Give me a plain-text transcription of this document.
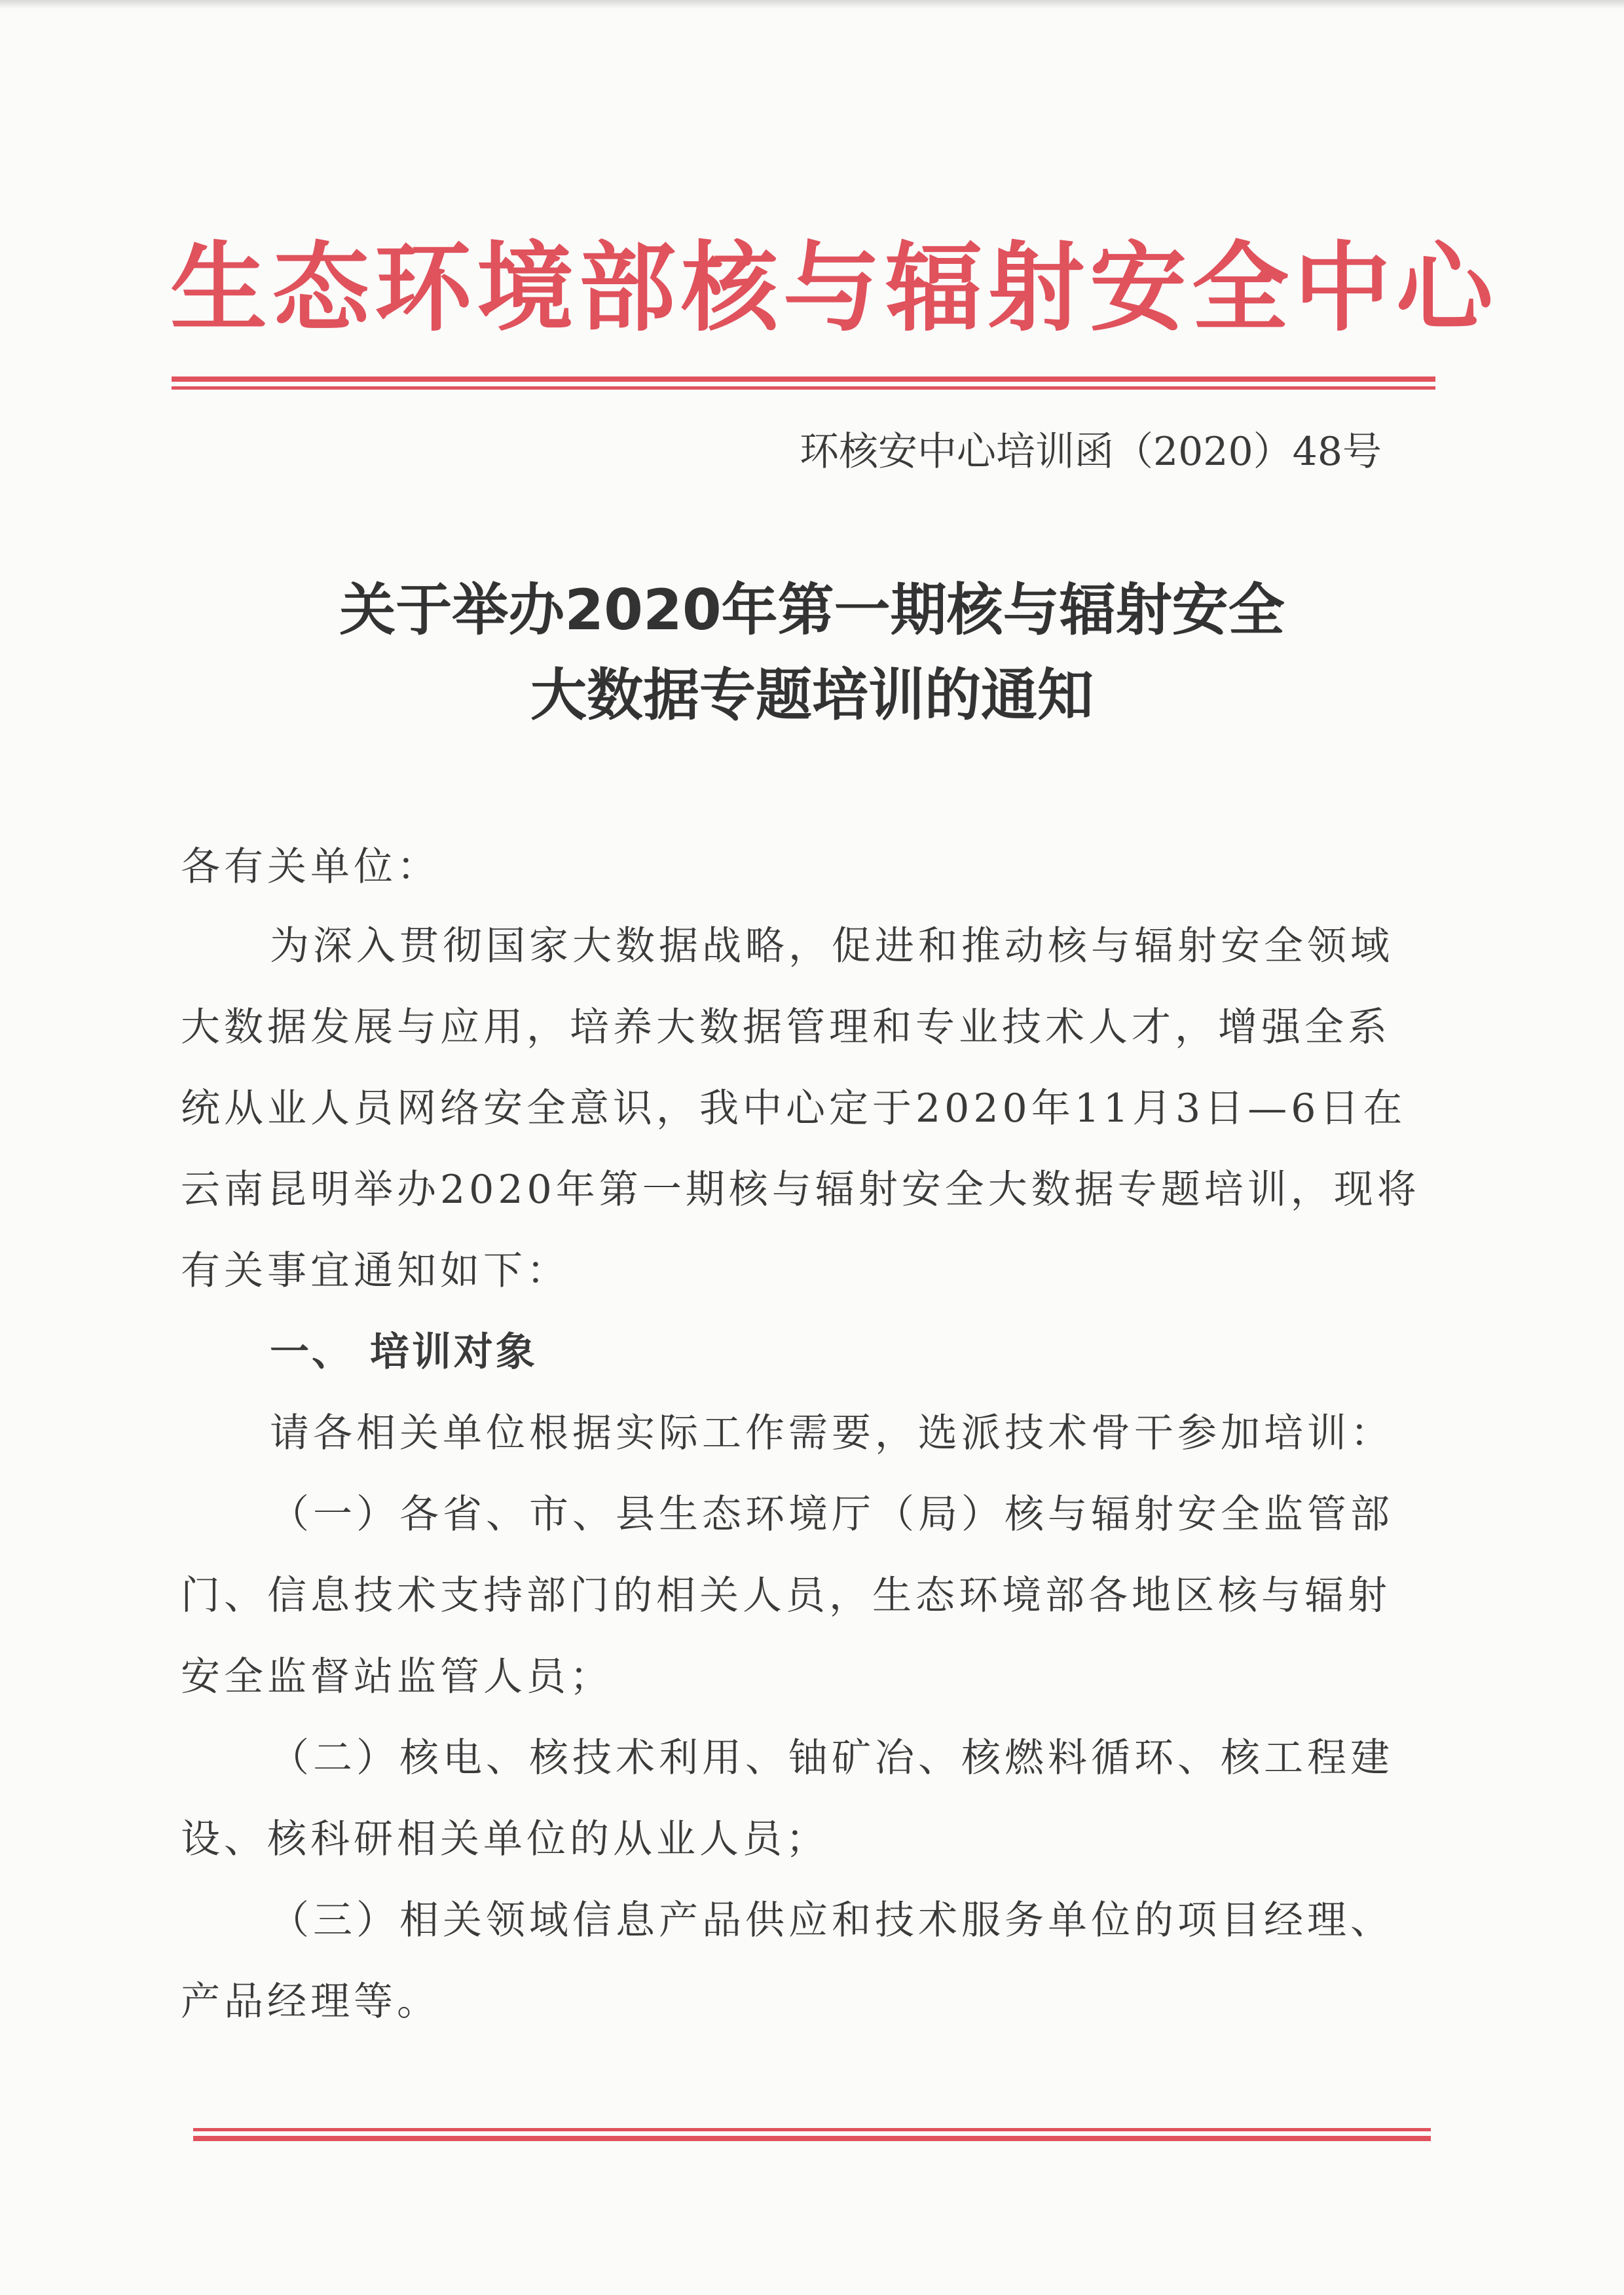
生态环境部核与辐射安全中心
环核安中心培训函（2020）48号
关于举办2020年第一期核与辐射安全
大数据专题培训的通知
各有关单位：
为深入贯彻国家大数据战略，促进和推动核与辐射安全领域
大数据发展与应用，培养大数据管理和专业技术人才，增强全系
统从业人员网络安全意识，我中心定于2020年11月3日—6日在
云南昆明举办2020年第一期核与辐射安全大数据专题培训，现将
有关事宜通知如下：
一、 培训对象
请各相关单位根据实际工作需要，选派技术骨干参加培训：
（一）各省、市、县生态环境厅（局）核与辐射安全监管部
门、信息技术支持部门的相关人员，生态环境部各地区核与辐射
安全监督站监管人员；
（二）核电、核技术利用、铀矿冶、核燃料循环、核工程建
设、核科研相关单位的从业人员；
（三）相关领域信息产品供应和技术服务单位的项目经理、
产品经理等。
